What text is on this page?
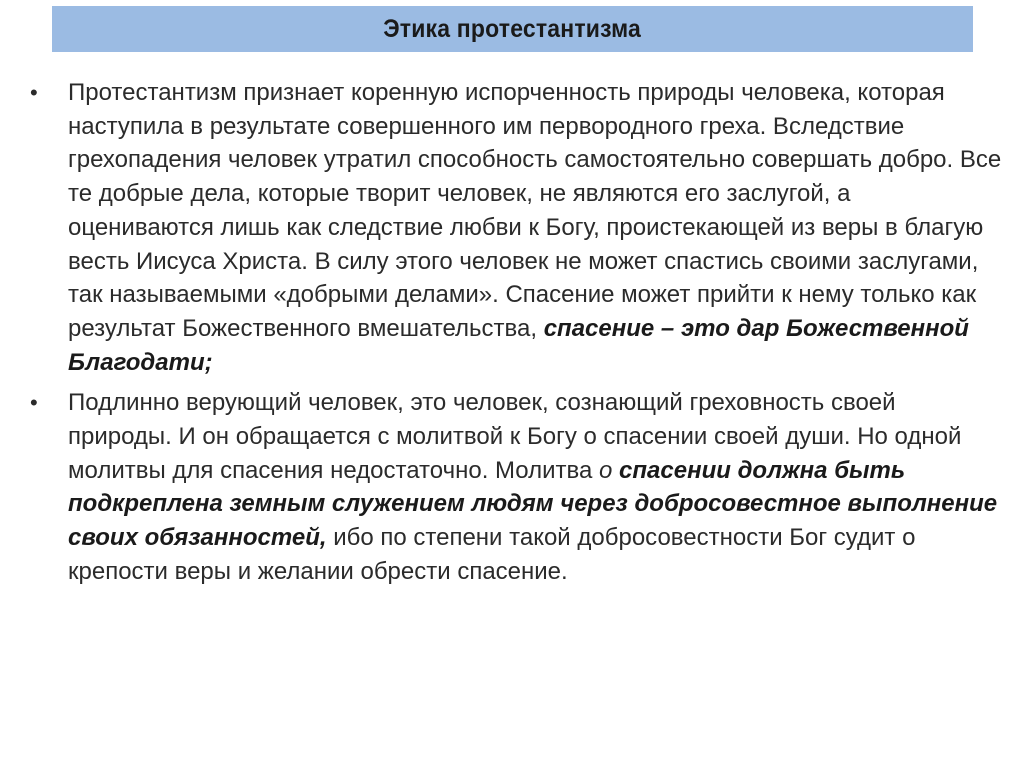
Этика протестантизма
•	Протестантизм признает коренную испорченность природы человека, которая наступила в результате совершенного им первородного греха. Вследствие грехопадения человек утратил способность самостоятельно совершать добро. Все те добрые дела, которые творит человек, не являются его заслугой, а оцениваются лишь как следствие любви к Богу, проистекающей из веры в благую весть Иисуса Христа. В силу этого человек не может спастись своими заслугами, так называемыми «добрыми делами». Спасение может прийти к нему только как результат Божественного вмешательства, спасение – это дар Божественной Благодати;
•	Подлинно верующий человек, это человек, сознающий греховность своей природы. И он обращается с молитвой к Богу о спасении своей души. Но одной молитвы для спасения недостаточно. Молитва о спасении должна быть подкреплена земным служением людям через добросовестное выполнение своих обязанностей, ибо по степени такой добросовестности Бог судит о крепости веры и желании обрести спасение.
